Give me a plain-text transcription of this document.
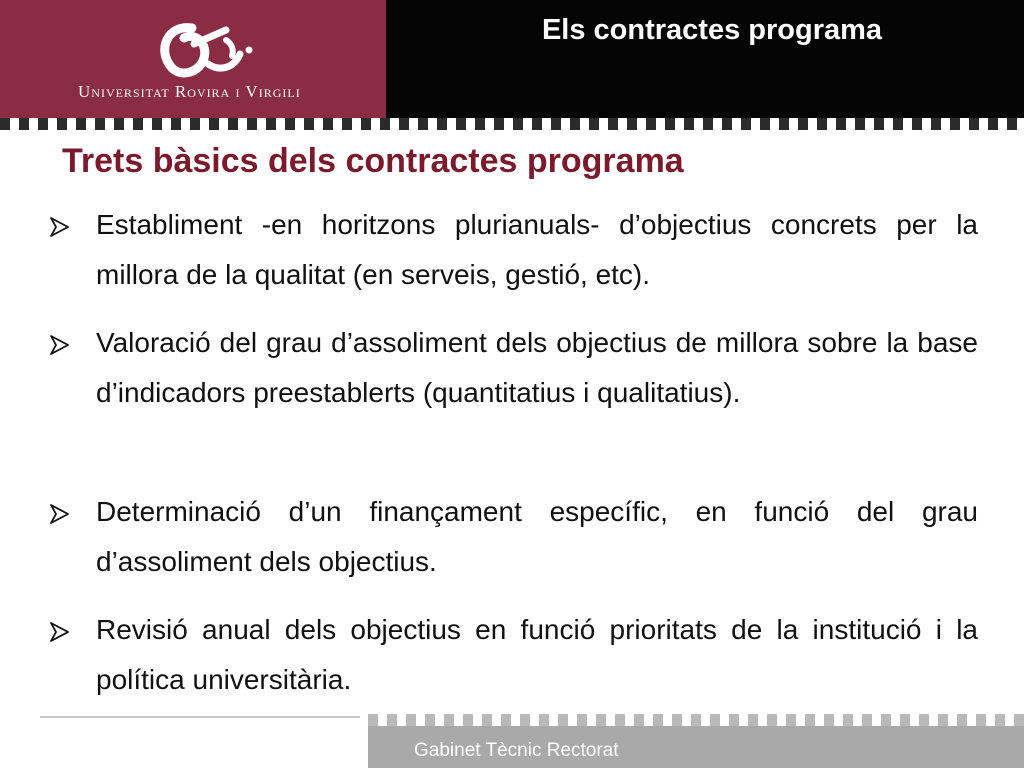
Universitat Rovira i Virgili
Els contractes programa
Trets bàsics dels contractes programa
Establiment -en horitzons plurianuals- d’objectius concrets per la millora de la qualitat (en serveis, gestió, etc).
Valoració del grau d’assoliment dels objectius de millora sobre la base d’indicadors preestablerts (quantitatius i qualitatius).
Determinació d’un finançament específic, en funció del grau d’assoliment dels objectius.
Revisió anual dels objectius en funció prioritats de la institució i la política universitària.
Gabinet Tècnic Rectorat
